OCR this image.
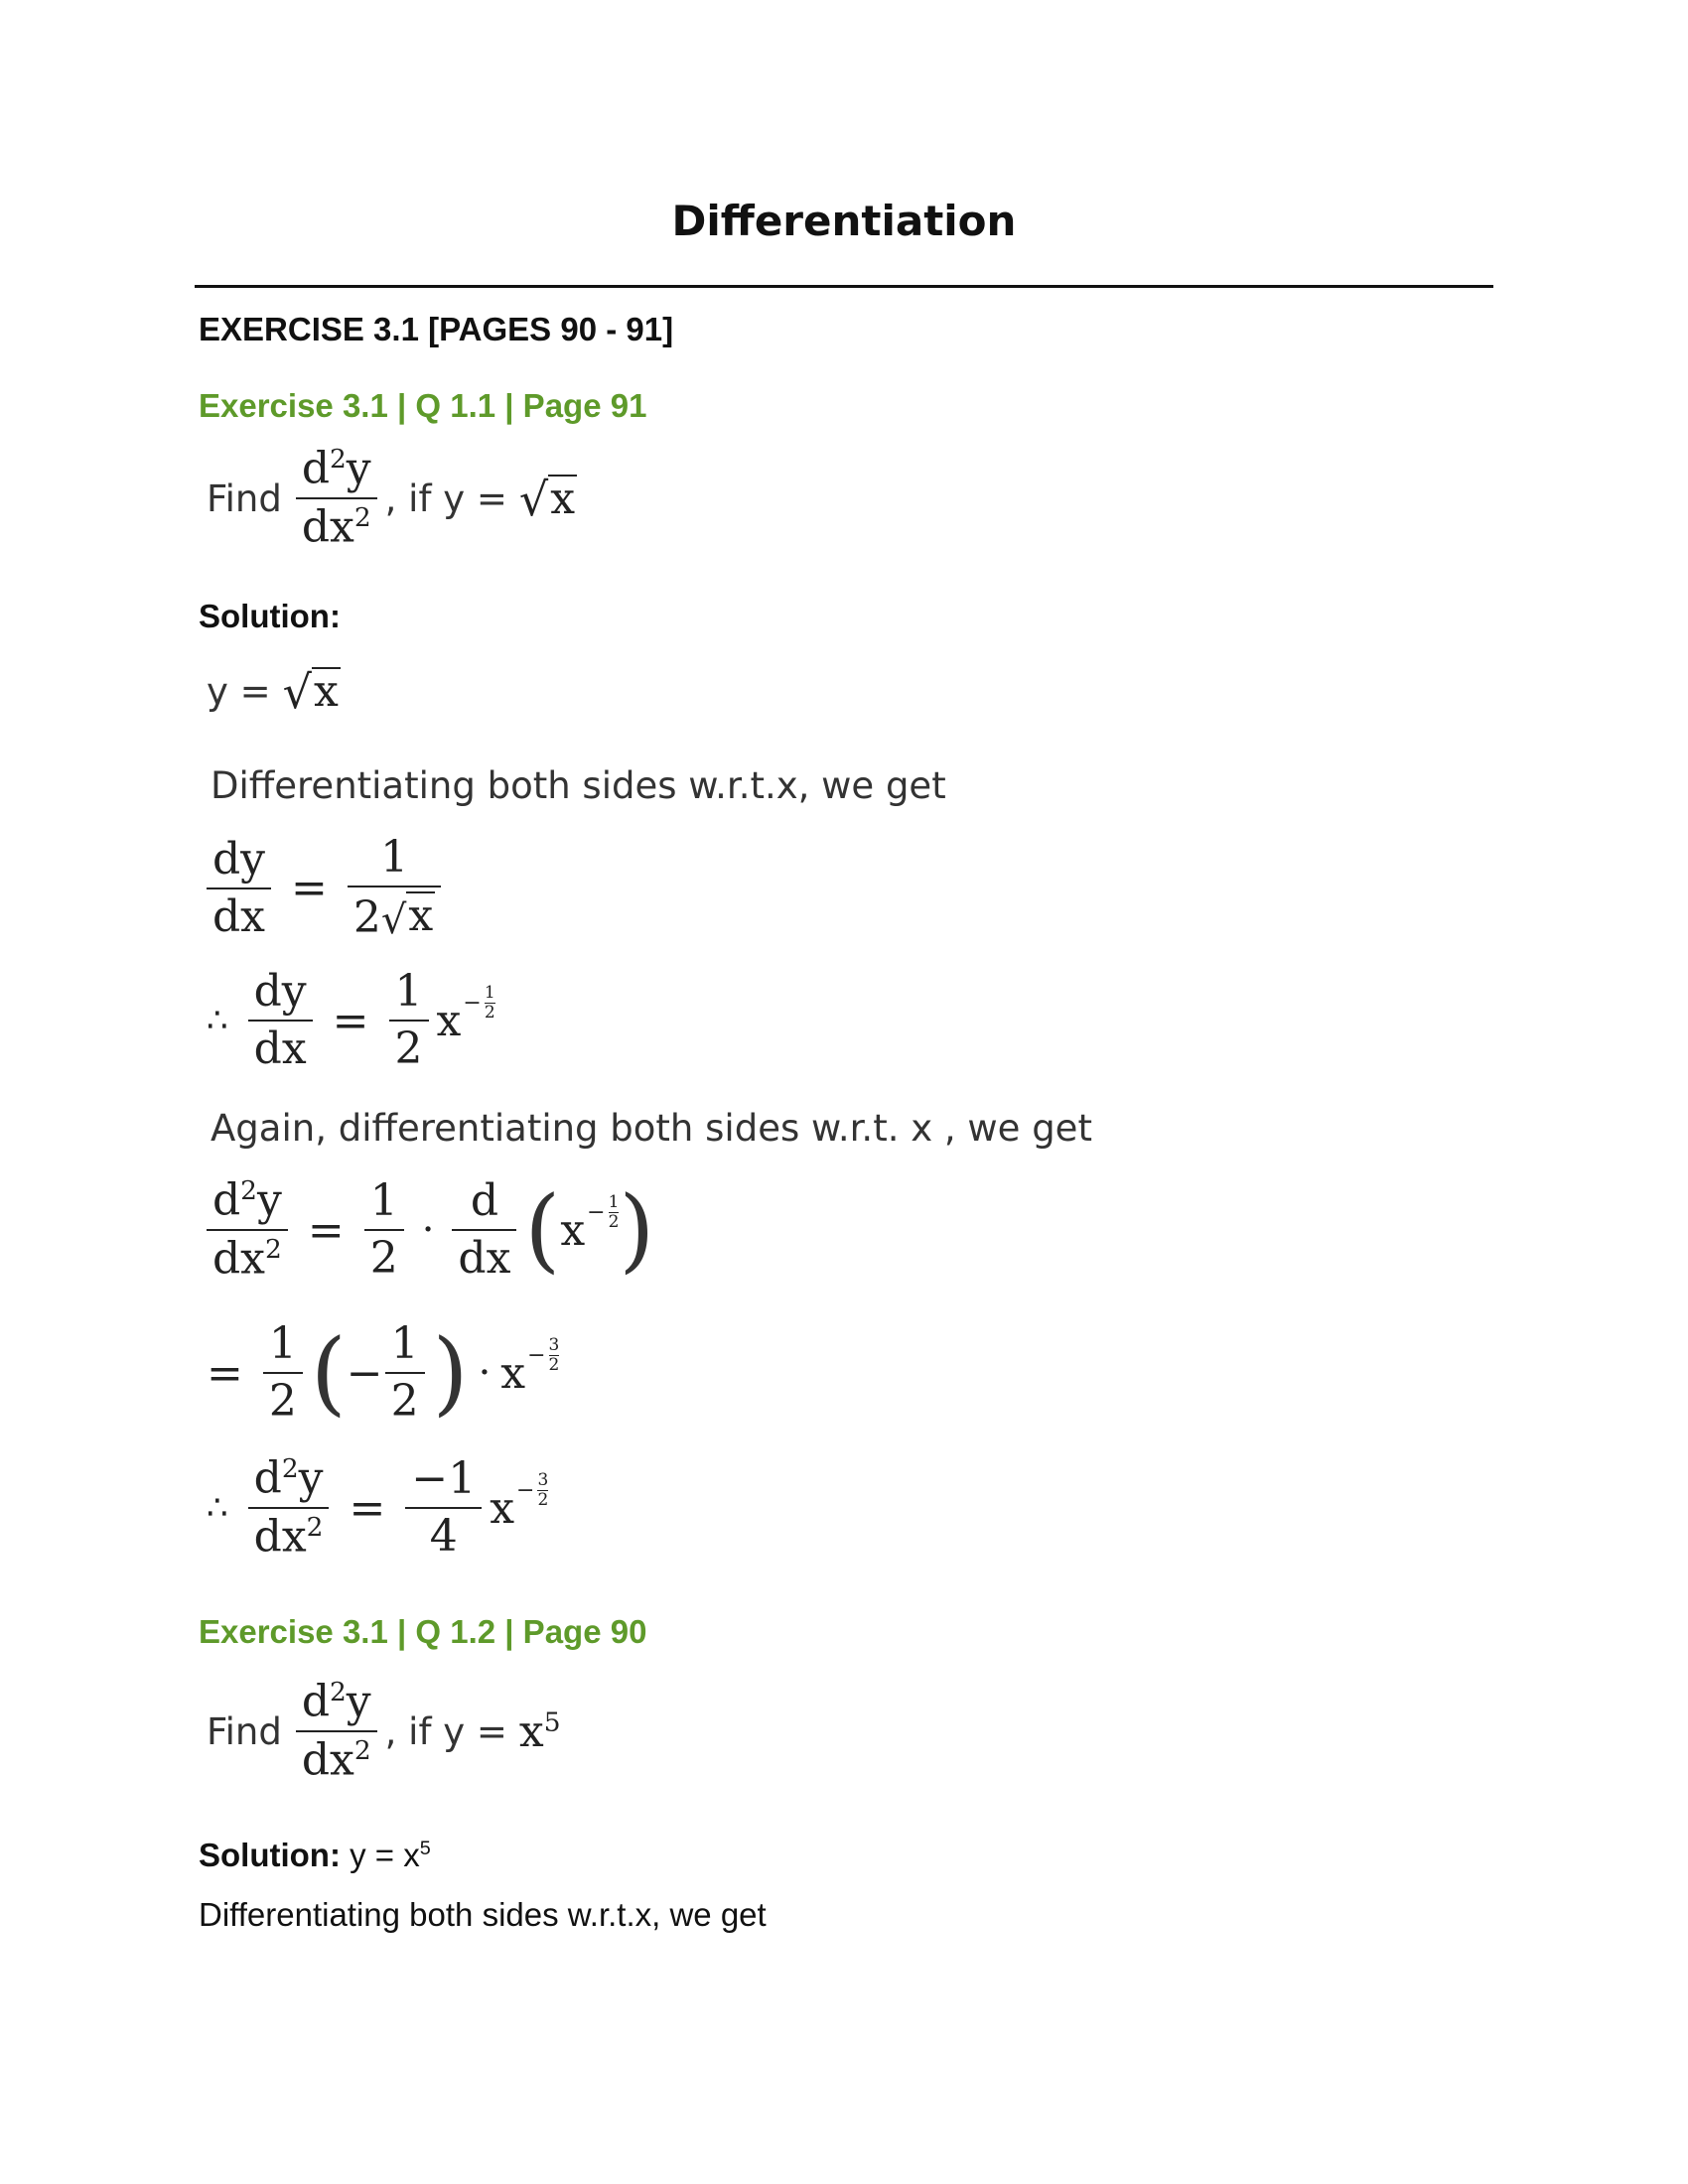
Differentiation
EXERCISE 3.1 [PAGES 90 - 91]
Exercise 3.1 | Q 1.1 | Page 91
Find $\frac{d^2y}{dx^2}$ , if y = √ x
Solution:
y = √ x
Differentiating both sides w.r.t.x, we get
$\frac{dy}{dx} = \frac{1}{2 √ x}$
∴ $\frac{dy}{dx} = \frac{1}{2}$ $x - \frac{1}{2}$
Again, differentiating both sides w.r.t. x , we get
$\frac{d^2y}{dx^2} = \frac{1}{2} \cdot \frac{d}{dx}$ ( $x - \frac{1}{2}$ )
= $\frac{1}{2}$ ( − $\frac{1}{2}$ ) · $x - \frac{3}{2}$
∴ $\frac{d^2y}{dx^2} = \frac{-1}{4}$ $x - \frac{3}{2}$
Exercise 3.1 | Q 1.2 | Page 90
Find $\frac{d^2y}{dx^2}$ , if $y = x^5$
Solution: $y = x^5$
Differentiating both sides w.r.t.x, we get
